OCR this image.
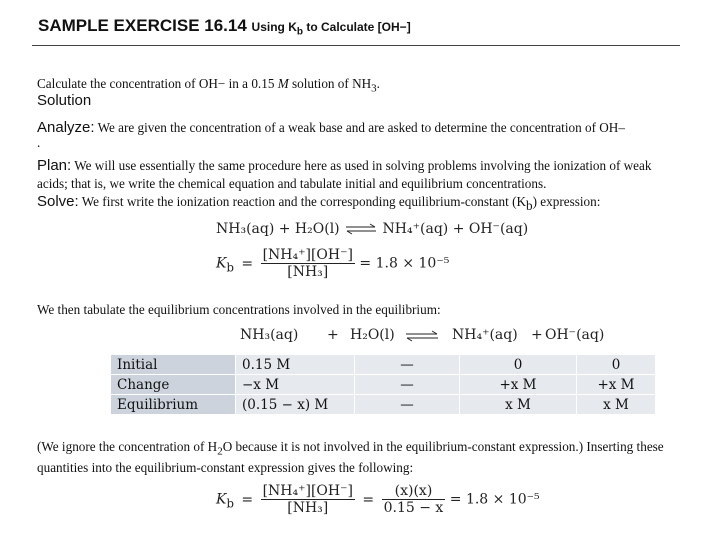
SAMPLE EXERCISE 16.14 Using $K_b$ to Calculate [OH−]
Calculate the concentration of OH− in a 0.15 M solution of $NH_3$.
Solution
Analyze: We are given the concentration of a weak base and are asked to determine the concentration of OH–
.
Plan: We will use essentially the same procedure here as used in solving problems involving the ionization of weak acids; that is, we write the chemical equation and tabulate initial and equilibrium concentrations.
Solve: We first write the ionization reaction and the corresponding equilibrium-constant $(K_b)$ expression:
NH₃(aq) + H₂O(l) ⇌ NH₄⁺(aq) + OH⁻(aq)
$K_b = \frac{\text{[NH₄⁺][OH⁻]}}{\text{[NH₃]}} = 1.8 \times 10^{-5}$
We then tabulate the equilibrium concentrations involved in the equilibrium:
NH₃(aq) + H₂O(l) ⇌ NH₄⁺(aq) + OH⁻(aq)
Initial	0.15 M	—	0	0
Change	−x M	—	+x M	+x M
Equilibrium	(0.15 − x) M	—	x M	x M
(We ignore the concentration of $H_2O$ because it is not involved in the equilibrium-constant expression.) Inserting these quantities into the equilibrium-constant expression gives the following:
$K_b = \frac{\text{[NH₄⁺][OH⁻]}}{\text{[NH₃]}} = \frac{(x)(x)}{0.15 - x} = 1.8 \times 10^{-5}$
